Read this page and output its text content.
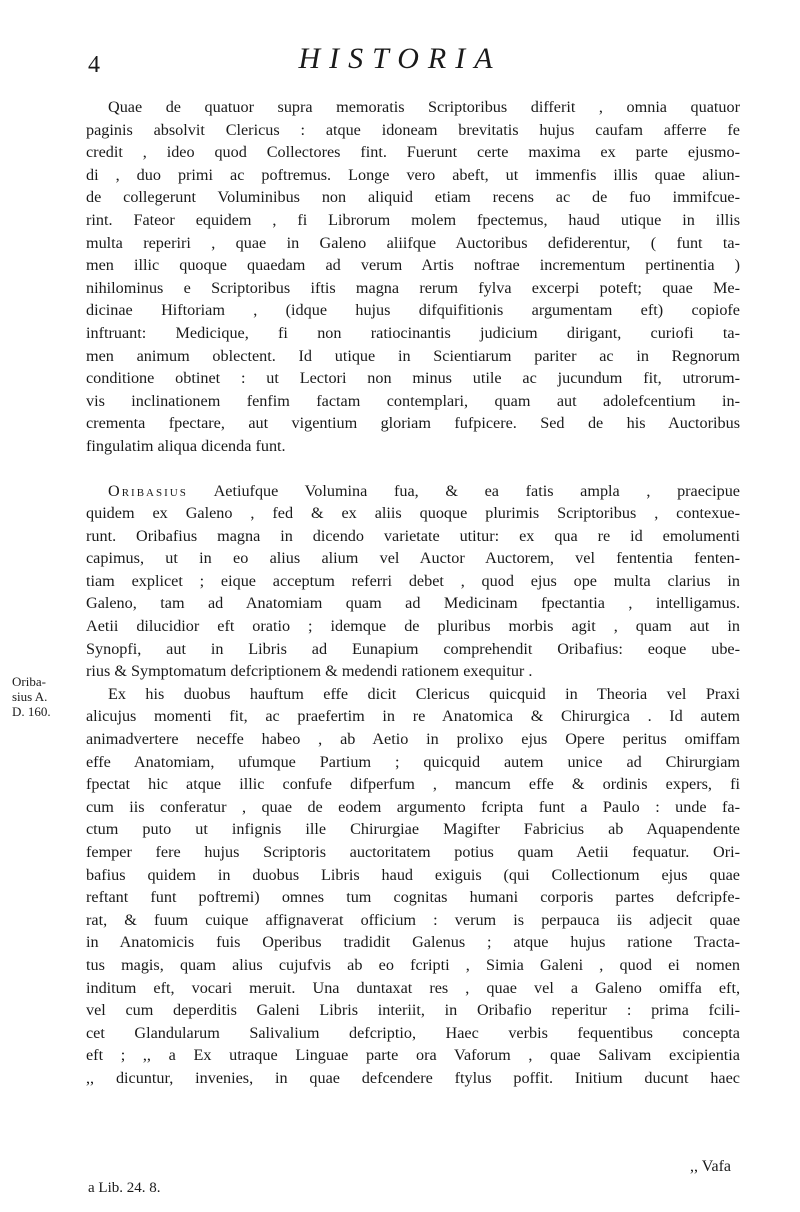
4	HISTORIA
Oriba-
sius A.
D. 160.
Quae de quatuor supra memoratis Scriptoribus differit , omnia quatuor
paginis absolvit Clericus : atque idoneam brevitatis hujus caufam afferre fe
credit , ideo quod Collectores fint. Fuerunt certe maxima ex parte ejusmo-
di , duo primi ac poftremus. Longe vero abeft, ut immenfis illis quae aliun-
de collegerunt Voluminibus non aliquid etiam recens ac de fuo immifcue-
rint. Fateor equidem , fi Librorum molem fpectemus, haud utique in illis
multa reperiri , quae in Galeno aliifque Auctoribus defiderentur, ( funt ta-
men illic quoque quaedam ad verum Artis noftrae incrementum pertinentia )
nihilominus e Scriptoribus iftis magna rerum fylva excerpi poteft; quae Me-
dicinae Hiftoriam , (idque hujus difquifitionis argumentam eft) copiofe
inftruant: Medicique, fi non ratiocinantis judicium dirigant, curiofi ta-
men animum oblectent. Id utique in Scientiarum pariter ac in Regnorum
conditione obtinet : ut Lectori non minus utile ac jucundum fit, utrorum-
vis inclinationem fenfim factam contemplari, quam aut adolefcentium in-
crementa fpectare, aut vigentium gloriam fufpicere. Sed de his Auctoribus
fingulatim aliqua dicenda funt.
Oribasius Aetiufque Volumina fua, & ea fatis ampla , praecipue
quidem ex Galeno , fed & ex aliis quoque plurimis Scriptoribus , contexue-
runt. Oribafius magna in dicendo varietate utitur: ex qua re id emolumenti
capimus, ut in eo alius alium vel Auctor Auctorem, vel fententia fenten-
tiam explicet ; eique acceptum referri debet , quod ejus ope multa clarius in
Galeno, tam ad Anatomiam quam ad Medicinam fpectantia , intelligamus.
Aetii dilucidior eft oratio ; idemque de pluribus morbis agit , quam aut in
Synopfi, aut in Libris ad Eunapium comprehendit Oribafius: eoque ube-
rius & Symptomatum defcriptionem & medendi rationem exequitur .
Ex his duobus hauftum effe dicit Clericus quicquid in Theoria vel Praxi
alicujus momenti fit, ac praefertim in re Anatomica & Chirurgica . Id autem
animadvertere neceffe habeo , ab Aetio in prolixo ejus Opere peritus omiffam
effe Anatomiam, ufumque Partium ; quicquid autem unice ad Chirurgiam
fpectat hic atque illic confufe difperfum , mancum effe & ordinis expers, fi
cum iis conferatur , quae de eodem argumento fcripta funt a Paulo : unde fa-
ctum puto ut infignis ille Chirurgiae Magifter Fabricius ab Aquapendente
femper fere hujus Scriptoris auctoritatem potius quam Aetii fequatur. Ori-
bafius quidem in duobus Libris haud exiguis (qui Collectionum ejus quae
reftant funt poftremi) omnes tum cognitas humani corporis partes defcripfe-
rat, & fuum cuique affignaverat officium : verum is perpauca iis adjecit quae
in Anatomicis fuis Operibus tradidit Galenus ; atque hujus ratione Tracta-
tus magis, quam alius cujufvis ab eo fcripti , Simia Galeni , quod ei nomen
inditum eft, vocari meruit. Una duntaxat res , quae vel a Galeno omiffa eft,
vel cum deperditis Galeni Libris interiit, in Oribafio reperitur : prima fcili-
cet Glandularum Salivalium defcriptio, Haec verbis fequentibus concepta
eft ; ,, a Ex utraque Linguae parte ora Vaforum , quae Salivam excipientia
,, dicuntur, invenies, in quae defcendere ftylus poffit. Initium ducunt haec
,, Vafa
a Lib. 24. 8.
